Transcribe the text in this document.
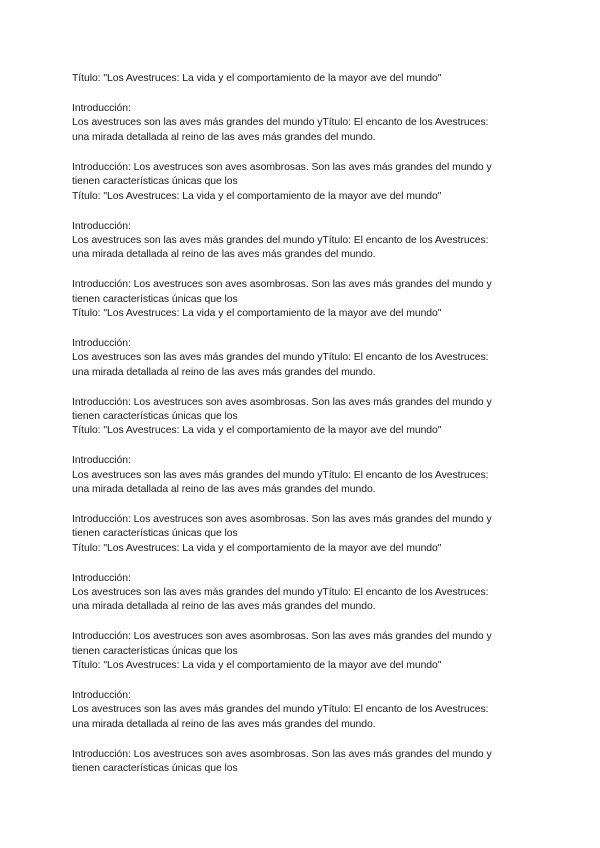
Título: "Los Avestruces: La vida y el comportamiento de la mayor ave del mundo"
Introducción:
Los avestruces son las aves más grandes del mundo yTítulo: El encanto de los Avestruces:
una mirada detallada al reino de las aves más grandes del mundo.
Introducción: Los avestruces son aves asombrosas. Son las aves más grandes del mundo y
tienen características únicas que los
Título: "Los Avestruces: La vida y el comportamiento de la mayor ave del mundo"
Introducción:
Los avestruces son las aves más grandes del mundo yTítulo: El encanto de los Avestruces:
una mirada detallada al reino de las aves más grandes del mundo.
Introducción: Los avestruces son aves asombrosas. Son las aves más grandes del mundo y
tienen características únicas que los
Título: "Los Avestruces: La vida y el comportamiento de la mayor ave del mundo"
Introducción:
Los avestruces son las aves más grandes del mundo yTítulo: El encanto de los Avestruces:
una mirada detallada al reino de las aves más grandes del mundo.
Introducción: Los avestruces son aves asombrosas. Son las aves más grandes del mundo y
tienen características únicas que los
Título: "Los Avestruces: La vida y el comportamiento de la mayor ave del mundo"
Introducción:
Los avestruces son las aves más grandes del mundo yTítulo: El encanto de los Avestruces:
una mirada detallada al reino de las aves más grandes del mundo.
Introducción: Los avestruces son aves asombrosas. Son las aves más grandes del mundo y
tienen características únicas que los
Título: "Los Avestruces: La vida y el comportamiento de la mayor ave del mundo"
Introducción:
Los avestruces son las aves más grandes del mundo yTítulo: El encanto de los Avestruces:
una mirada detallada al reino de las aves más grandes del mundo.
Introducción: Los avestruces son aves asombrosas. Son las aves más grandes del mundo y
tienen características únicas que los
Título: "Los Avestruces: La vida y el comportamiento de la mayor ave del mundo"
Introducción:
Los avestruces son las aves más grandes del mundo yTítulo: El encanto de los Avestruces:
una mirada detallada al reino de las aves más grandes del mundo.
Introducción: Los avestruces son aves asombrosas. Son las aves más grandes del mundo y
tienen características únicas que los
